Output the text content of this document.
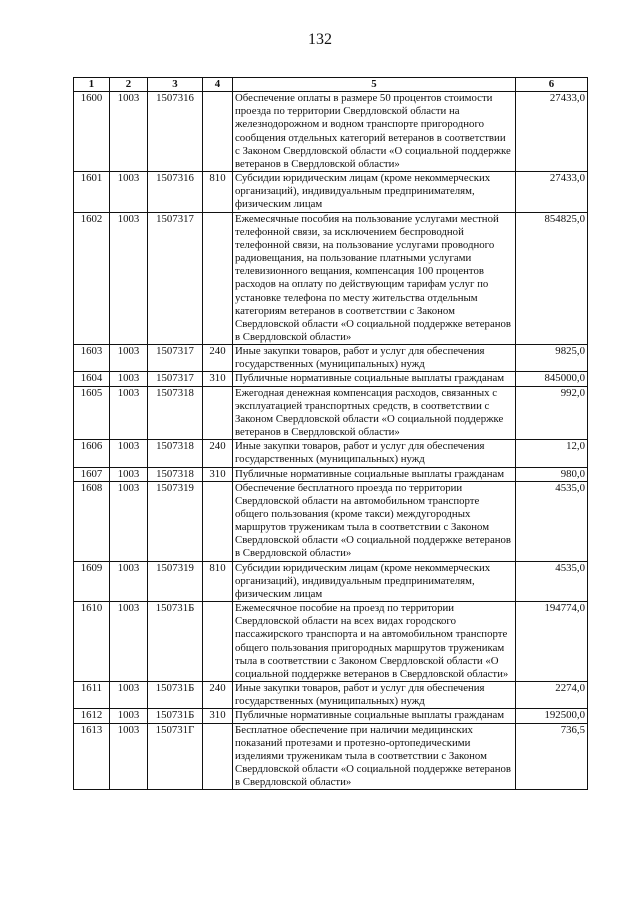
132
1	2	3	4	5	6
1600	1003	1507316		Обеспечение оплаты в размере 50 процентов стоимости проезда по территории Свердловской области на железнодорожном и водном транспорте пригородного сообщения отдельных категорий ветеранов в соответствии с Законом Свердловской области «О социальной поддержке ветеранов в Свердловской области»	27433,0
1601	1003	1507316	810	Субсидии юридическим лицам (кроме некоммерческих организаций), индивидуальным предпринимателям, физическим лицам	27433,0
1602	1003	1507317		Ежемесячные пособия на пользование услугами местной телефонной связи, за исключением беспроводной телефонной связи, на пользование услугами проводного радиовещания, на пользование платными услугами телевизионного вещания, компенсация 100 процентов расходов на оплату по действующим тарифам услуг по установке телефона по месту жительства отдельным категориям ветеранов в соответствии с Законом Свердловской области «О социальной поддержке ветеранов в Свердловской области»	854825,0
1603	1003	1507317	240	Иные закупки товаров, работ и услуг для обеспечения государственных (муниципальных) нужд	9825,0
1604	1003	1507317	310	Публичные нормативные социальные выплаты гражданам	845000,0
1605	1003	1507318		Ежегодная денежная компенсация расходов, связанных с эксплуатацией транспортных средств, в соответствии с Законом Свердловской области «О социальной поддержке ветеранов в Свердловской области»	992,0
1606	1003	1507318	240	Иные закупки товаров, работ и услуг для обеспечения государственных (муниципальных) нужд	12,0
1607	1003	1507318	310	Публичные нормативные социальные выплаты гражданам	980,0
1608	1003	1507319		Обеспечение бесплатного проезда по территории Свердловской области на автомобильном транспорте общего пользования (кроме такси) междугородных маршрутов труженикам тыла в соответствии с Законом Свердловской области «О социальной поддержке ветеранов в Свердловской области»	4535,0
1609	1003	1507319	810	Субсидии юридическим лицам (кроме некоммерческих организаций), индивидуальным предпринимателям, физическим лицам	4535,0
1610	1003	150731Б		Ежемесячное пособие на проезд по территории Свердловской области на всех видах городского пассажирского транспорта и на автомобильном транспорте общего пользования пригородных маршрутов труженикам тыла в соответствии с Законом Свердловской области «О социальной поддержке ветеранов в Свердловской области»	194774,0
1611	1003	150731Б	240	Иные закупки товаров, работ и услуг для обеспечения государственных (муниципальных) нужд	2274,0
1612	1003	150731Б	310	Публичные нормативные социальные выплаты гражданам	192500,0
1613	1003	150731Г		Бесплатное обеспечение при наличии медицинских показаний протезами и протезно-ортопедическими изделиями труженикам тыла в соответствии с Законом Свердловской области «О социальной поддержке ветеранов в Свердловской области»	736,5
